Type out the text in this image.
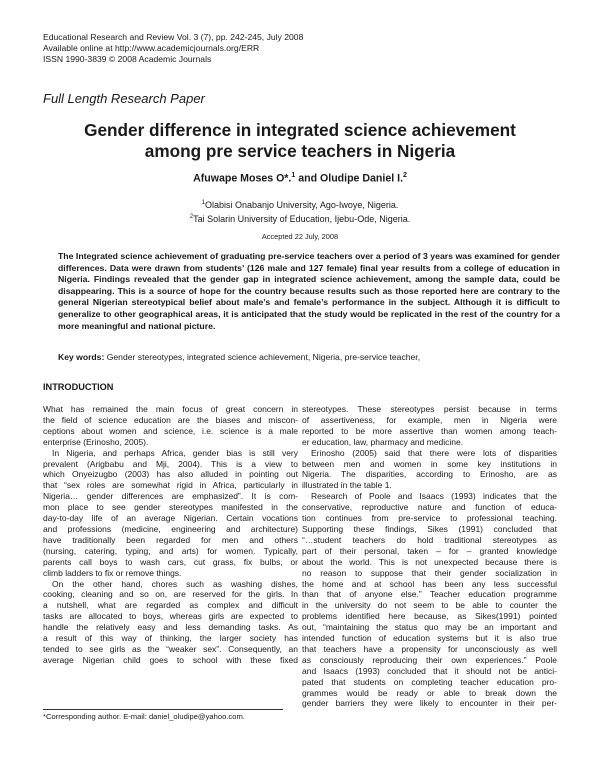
Educational Research and Review Vol. 3 (7), pp. 242-245, July 2008
Available online at http://www.academicjournals.org/ERR
ISSN 1990-3839 © 2008 Academic Journals
Full Length Research Paper
Gender difference in integrated science achievement
among pre service teachers in Nigeria
Afuwape Moses O*.$^1$ and Oludipe Daniel I.$^2$
$^1$Olabisi Onabanjo University, Ago-Iwoye, Nigeria.
$^2$Tai Solarin University of Education, Ijebu-Ode, Nigeria.
Accepted 22 July, 2008

The Integrated science achievement of graduating pre-service teachers over a period of 3 years was examined for gender differences. Data were drawn from students’ (126 male and 127 female) final year results from a college of education in Nigeria. Findings revealed that the gender gap in integrated science achievement, among the sample data, could be disappearing. This is a source of hope for the country because results such as those reported here are contrary to the general Nigerian stereotypical belief about male’s and female’s performance in the subject. Although it is difficult to generalize to other geographical areas, it is anticipated that the study would be replicated in the rest of the country for a more meaningful and national picture.

Key words: Gender stereotypes, integrated science achievement, Nigeria, pre-service teacher,
INTRODUCTION
What has remained the main focus of great concern in
the field of science education are the biases and miscon-
ceptions about women and science, i.e. science is a male
enterprise (Erinosho, 2005).
In Nigeria, and perhaps Africa, gender bias is still very
prevalent (Arigbabu and Mji, 2004). This is a view to
which Onyeizugbo (2003) has also alluded in pointing out
that “sex roles are somewhat rigid in Africa, particularly in
Nigeria… gender differences are emphasized”. It is com-
mon place to see gender stereotypes manifested in the
day-to-day life of an average Nigerian. Certain vocations
and professions (medicine, engineering and architecture)
have traditionally been regarded for men and others
(nursing, catering, typing, and arts) for women. Typically,
parents call boys to wash cars, cut grass, fix bulbs, or
climb ladders to fix or remove things.
On the other hand, chores such as washing dishes,
cooking, cleaning and so on, are reserved for the girls. In
a nutshell, what are regarded as complex and difficult
tasks are allocated to boys, whereas girls are expected to
handle the relatively easy and less demanding tasks. As
a result of this way of thinking, the larger society has
tended to see girls as the “weaker sex”. Consequently, an
average Nigerian child goes to school with these fixed
stereotypes. These stereotypes persist because in terms
of assertiveness, for example, men in Nigeria were
reported to be more assertive than women among teach-
er education, law, pharmacy and medicine.
Erinosho (2005) said that there were lots of disparities
between men and women in some key institutions in
Nigeria. The disparities, according to Erinosho, are as
illustrated in the table 1.
Research of Poole and Isaacs (1993) indicates that the
conservative, reproductive nature and function of educa-
tion continues from pre-service to professional teaching.
Supporting these findings, Sikes (1991) concluded that
“…student teachers do hold traditional stereotypes as
part of their personal, taken – for – granted knowledge
about the world. This is not unexpected because there is
no reason to suppose that their gender socialization in
the home and at school has been any less successful
than that of anyone else.” Teacher education programme
in the university do not seem to be able to counter the
problems identified here because, as Sikes(1991) pointed
out, “maintaining the status quo may be an important and
intended function of education systems but it is also true
that teachers have a propensity for unconsciously as well
as consciously reproducing their own experiences.” Poole
and Isaacs (1993) concluded that it should not be antici-
pated that students on completing teacher education pro-
grammes would be ready or able to break down the
gender barriers they were likely to encounter in their per-
*Corresponding author. E-mail: daniel_oludipe@yahoo.com.
